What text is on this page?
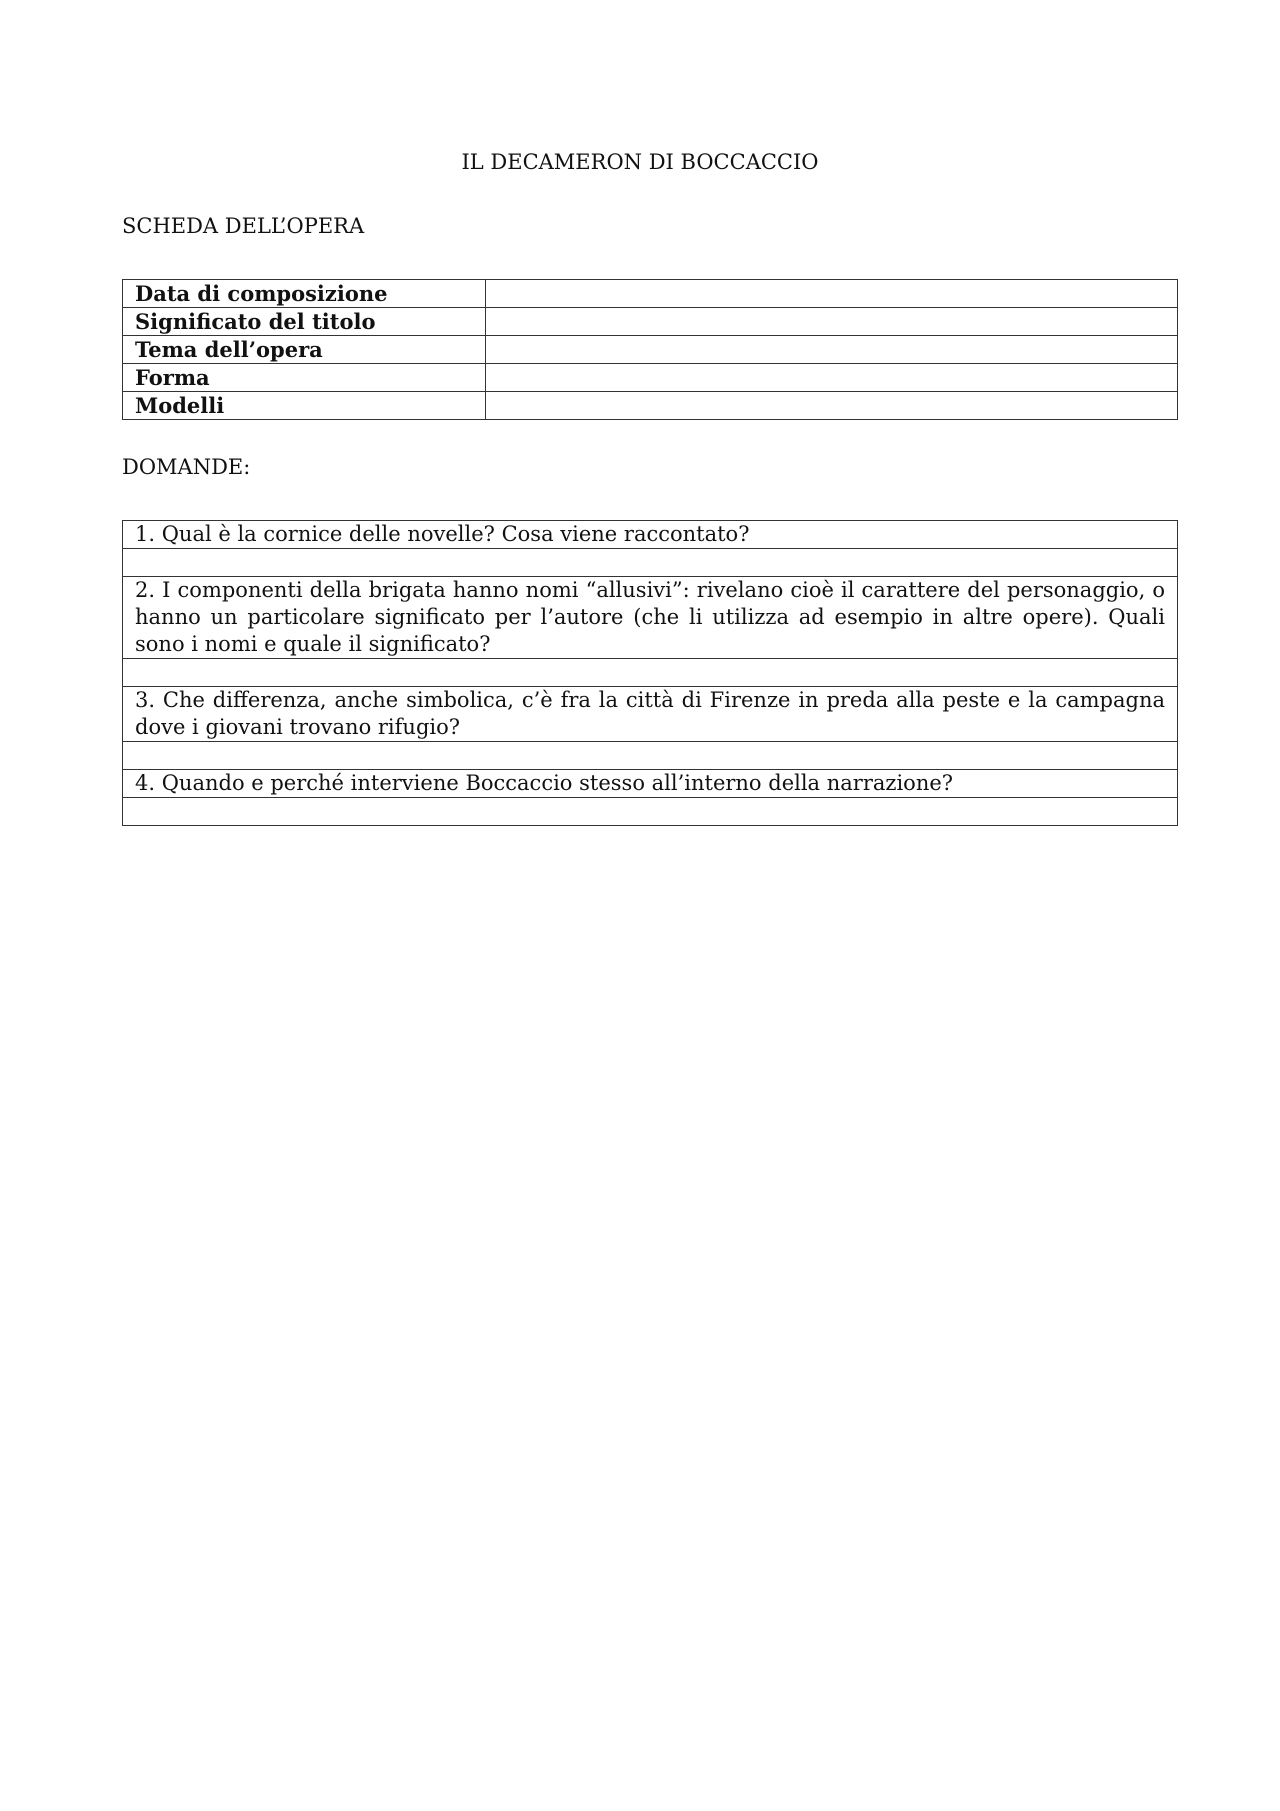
IL DECAMERON DI BOCCACCIO
SCHEDA DELL’OPERA
Data di composizione	
Significato del titolo	
Tema dell’opera	
Forma	
Modelli	
DOMANDE:
1. Qual è la cornice delle novelle? Cosa viene raccontato?

2. I componenti della brigata hanno nomi “allusivi”: rivelano cioè il carattere del personaggio, o hanno un particolare significato per l’autore (che li utilizza ad esempio in altre opere). Quali sono i nomi e quale il significato?

3. Che differenza, anche simbolica, c’è fra la città di Firenze in preda alla peste e la campagna dove i giovani trovano rifugio?

4. Quando e perché interviene Boccaccio stesso all’interno della narrazione?
